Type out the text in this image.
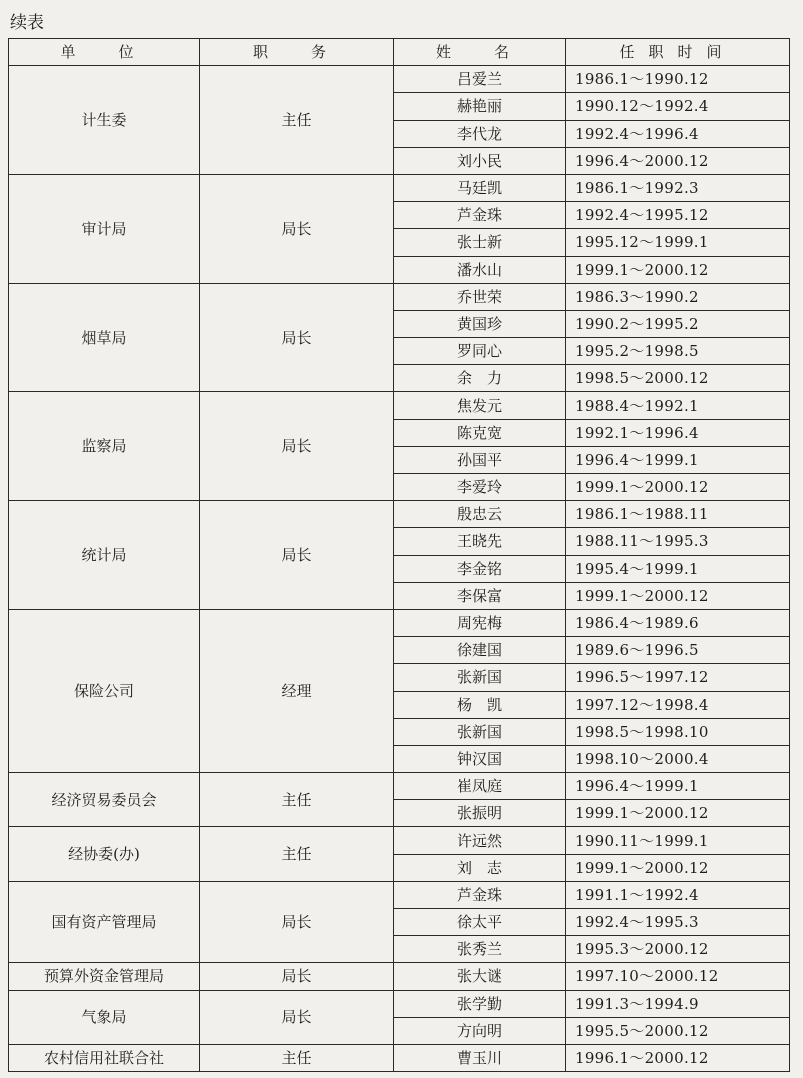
续表
单　位	职　务	姓　名	任职时间
计生委	主任	吕爱兰	1986.1～1990.12
		赫艳丽	1990.12～1992.4
		李代龙	1992.4～1996.4
		刘小民	1996.4～2000.12
审计局	局长	马廷凯	1986.1～1992.3
		芦金珠	1992.4～1995.12
		张士新	1995.12～1999.1
		潘水山	1999.1～2000.12
烟草局	局长	乔世荣	1986.3～1990.2
		黄国珍	1990.2～1995.2
		罗同心	1995.2～1998.5
		余　力	1998.5～2000.12
监察局	局长	焦发元	1988.4～1992.1
		陈克宽	1992.1～1996.4
		孙国平	1996.4～1999.1
		李爱玲	1999.1～2000.12
统计局	局长	殷忠云	1986.1～1988.11
		王晓先	1988.11～1995.3
		李金铭	1995.4～1999.1
		李保富	1999.1～2000.12
保险公司	经理	周宪梅	1986.4～1989.6
		徐建国	1989.6～1996.5
		张新国	1996.5～1997.12
		杨　凯	1997.12～1998.4
		张新国	1998.5～1998.10
		钟汉国	1998.10～2000.4
经济贸易委员会	主任	崔凤庭	1996.4～1999.1
		张振明	1999.1～2000.12
经协委(办)	主任	许远然	1990.11～1999.1
		刘　志	1999.1～2000.12
国有资产管理局	局长	芦金珠	1991.1～1992.4
		徐太平	1992.4～1995.3
		张秀兰	1995.3～2000.12
预算外资金管理局	局长	张大谜	1997.10～2000.12
气象局	局长	张学勤	1991.3～1994.9
		方向明	1995.5～2000.12
农村信用社联合社	主任	曹玉川	1996.1～2000.12
